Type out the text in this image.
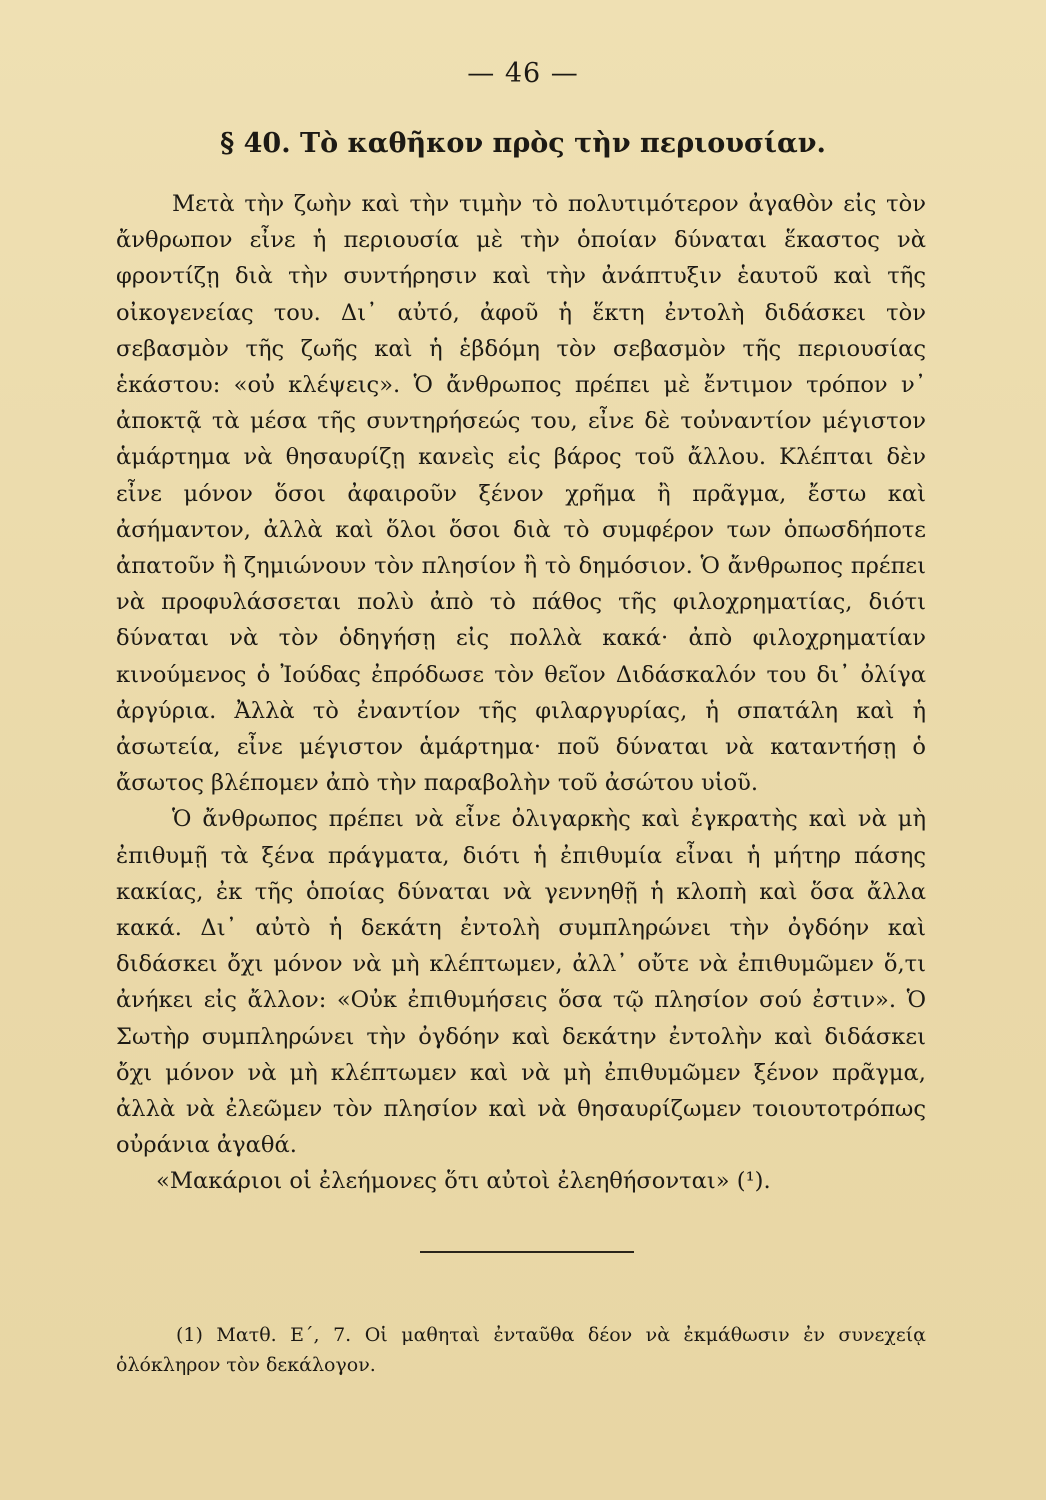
— 46 —
§ 40. Τὸ καθῆκον πρὸς τὴν περιουσίαν.

Μετὰ τὴν ζωὴν καὶ τὴν τιμὴν τὸ πολυτιμότερον ἀγαθὸν εἰς τὸν ἄνθρωπον εἶνε ἡ περιουσία μὲ τὴν ὁποίαν δύναται ἕκαστος νὰ φροντίζῃ διὰ τὴν συντήρησιν καὶ τὴν ἀνάπτυξιν ἑαυτοῦ καὶ τῆς οἰκογενείας του. Δι᾽ αὐτό, ἀφοῦ ἡ ἕκτη ἐντολὴ διδάσκει τὸν σεβασμὸν τῆς ζωῆς καὶ ἡ ἑβδόμη τὸν σεβασμὸν τῆς περιουσίας ἑκάστου: «οὐ κλέψεις». Ὁ ἄνθρωπος πρέπει μὲ ἔντιμον τρόπον ν᾽ ἀποκτᾷ τὰ μέσα τῆς συντηρήσεώς του, εἶνε δὲ τοὐναντίον μέγιστον ἁμάρτημα νὰ θησαυρίζῃ κανεὶς εἰς βάρος τοῦ ἄλλου. Κλέπται δὲν εἶνε μόνον ὅσοι ἀφαιροῦν ξένον χρῆμα ἢ πρᾶγμα, ἔστω καὶ ἀσήμαντον, ἀλλὰ καὶ ὅλοι ὅσοι διὰ τὸ συμφέρον των ὁπωσδήποτε ἀπατοῦν ἢ ζημιώνουν τὸν πλησίον ἢ τὸ δημόσιον. Ὁ ἄνθρωπος πρέπει νὰ προφυλάσσεται πολὺ ἀπὸ τὸ πάθος τῆς φιλοχρηματίας, διότι δύναται νὰ τὸν ὁδηγήσῃ εἰς πολλὰ κακά· ἀπὸ φιλοχρηματίαν κινούμενος ὁ Ἰούδας ἐπρόδωσε τὸν θεῖον Διδάσκαλόν του δι᾽ ὀλίγα ἀργύρια. Ἀλλὰ τὸ ἐναντίον τῆς φιλαργυρίας, ἡ σπατάλη καὶ ἡ ἀσωτεία, εἶνε μέγιστον ἁμάρτημα· ποῦ δύναται νὰ καταντήσῃ ὁ ἄσωτος βλέπομεν ἀπὸ τὴν παραβολὴν τοῦ ἀσώτου υἱοῦ.

Ὁ ἄνθρωπος πρέπει νὰ εἶνε ὀλιγαρκὴς καὶ ἐγκρατὴς καὶ νὰ μὴ ἐπιθυμῇ τὰ ξένα πράγματα, διότι ἡ ἐπιθυμία εἶναι ἡ μήτηρ πάσης κακίας, ἐκ τῆς ὁποίας δύναται νὰ γεννηθῇ ἡ κλοπὴ καὶ ὅσα ἄλλα κακά. Δι᾽ αὐτὸ ἡ δεκάτη ἐντολὴ συμπληρώνει τὴν ὀγδόην καὶ διδάσκει ὄχι μόνον νὰ μὴ κλέπτωμεν, ἀλλ᾽ οὔτε νὰ ἐπιθυμῶμεν ὅ,τι ἀνήκει εἰς ἄλλον: «Οὐκ ἐπιθυμήσεις ὅσα τῷ πλησίον σού ἐστιν». Ὁ Σωτὴρ συμπληρώνει τὴν ὀγδόην καὶ δεκάτην ἐντολὴν καὶ διδάσκει ὄχι μόνον νὰ μὴ κλέπτωμεν καὶ νὰ μὴ ἐπιθυμῶμεν ξένον πρᾶγμα, ἀλλὰ νὰ ἐλεῶμεν τὸν πλησίον καὶ νὰ θησαυρίζωμεν τοιουτοτρόπως οὐράνια ἀγαθά.

«Μακάριοι οἱ ἐλεήμονες ὅτι αὐτοὶ ἐλεηθήσονται» (¹).

(1) Ματθ. Ε΄, 7. Οἱ μαθηταὶ ἐνταῦθα δέον νὰ ἐκμάθωσιν ἐν συνεχείᾳ ὁλόκληρον τὸν δεκάλογον.
